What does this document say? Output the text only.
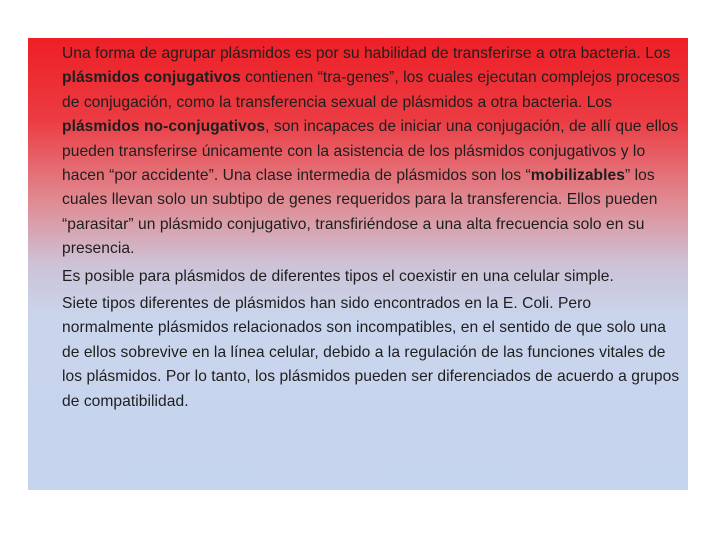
Una forma de agrupar plásmidos es por su habilidad de transferirse a otra bacteria. Los plásmidos conjugativos contienen “tra-genes”, los cuales ejecutan complejos procesos de conjugación, como la transferencia sexual de plásmidos a otra bacteria. Los plásmidos no-conjugativos, son incapaces de iniciar una conjugación, de allí que ellos pueden transferirse únicamente con la asistencia de los plásmidos conjugativos y lo hacen “por accidente”. Una clase intermedia de plásmidos son los “mobilizables” los cuales llevan solo un subtipo de genes requeridos para la transferencia. Ellos pueden “parasitar” un plásmido conjugativo, transfiriéndose a una alta frecuencia solo en su presencia.

Es posible para plásmidos de diferentes tipos el coexistir en una celular simple.

Siete tipos diferentes de plásmidos han sido encontrados en la E. Coli. Pero normalmente plásmidos relacionados son incompatibles, en el sentido de que solo una de ellos sobrevive en la línea celular, debido a la regulación de las funciones vitales de los plásmidos. Por lo tanto, los plásmidos pueden ser diferenciados de acuerdo a grupos de compatibilidad.
